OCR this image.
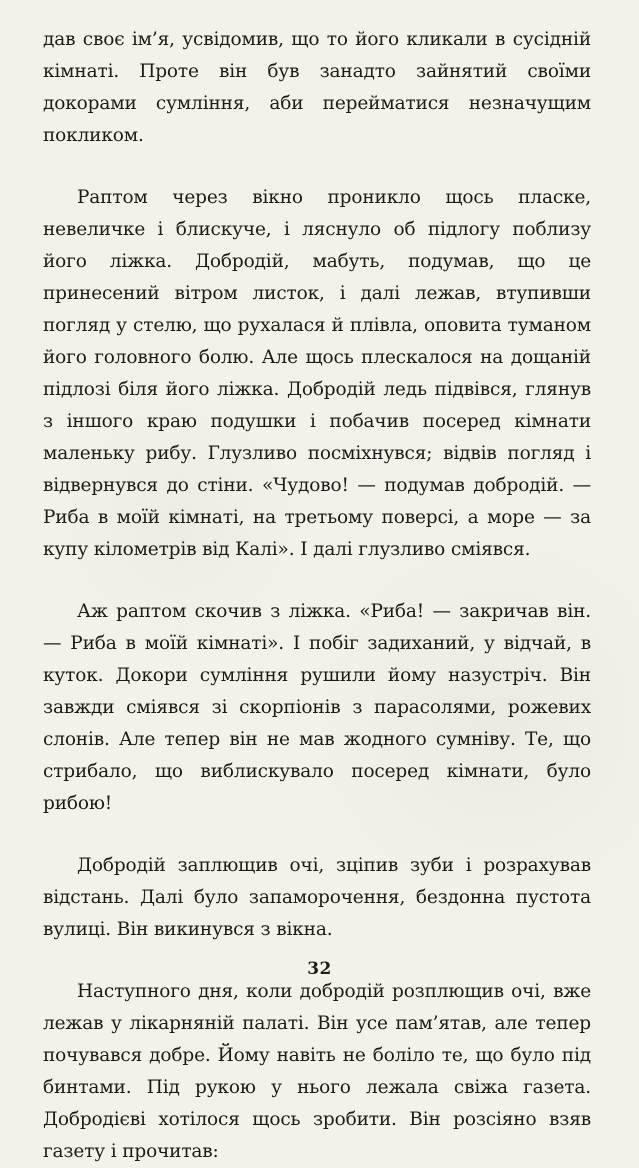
дав своє ім’я, усвідомив, що то його кликали в сусідній кімнаті. Проте він був занадто зайнятий своїми докорами сумління, аби перейматися незначущим покликом.

Раптом через вікно проникло щось пласке, невеличке і блискуче, і ляснуло об підлогу поблизу його ліжка. Добродій, мабуть, подумав, що це принесений вітром листок, і далі лежав, втупивши погляд у стелю, що рухалася й плівла, оповита туманом його головного болю. Але щось плескалося на дощаній підлозі біля його ліжка. Добродій ледь підвівся, глянув з іншого краю подушки і побачив посеред кімнати маленьку рибу. Глузливо посміхнувся; відвів погляд і відвернувся до стіни. «Чудово! — подумав добродій. — Риба в моїй кімнаті, на третьому поверсі, а море — за купу кілометрів від Калі». І далі глузливо сміявся.

Аж раптом скочив з ліжка. «Риба! — закричав він. — Риба в моїй кімнаті». І побіг задиханий, у відчай, в куток. Докори сумління рушили йому назустріч. Він завжди сміявся зі скорпіонів з парасолями, рожевих слонів. Але тепер він не мав жодного сумніву. Те, що стрибало, що виблискувало посеред кімнати, було рибою!

Добродій заплющив очі, зціпив зуби і розрахував відстань. Далі було запаморочення, бездонна пустота вулиці. Він викинувся з вікна.

Наступного дня, коли добродій розплющив очі, вже лежав у лікарняній палаті. Він усе пам’ятав, але тепер почувався добре. Йому навіть не боліло те, що було під бинтами. Під рукою у нього лежала свіжа газета. Добродієві хотілося щось зробити. Він розсіяно взяв газету і прочитав:

32
